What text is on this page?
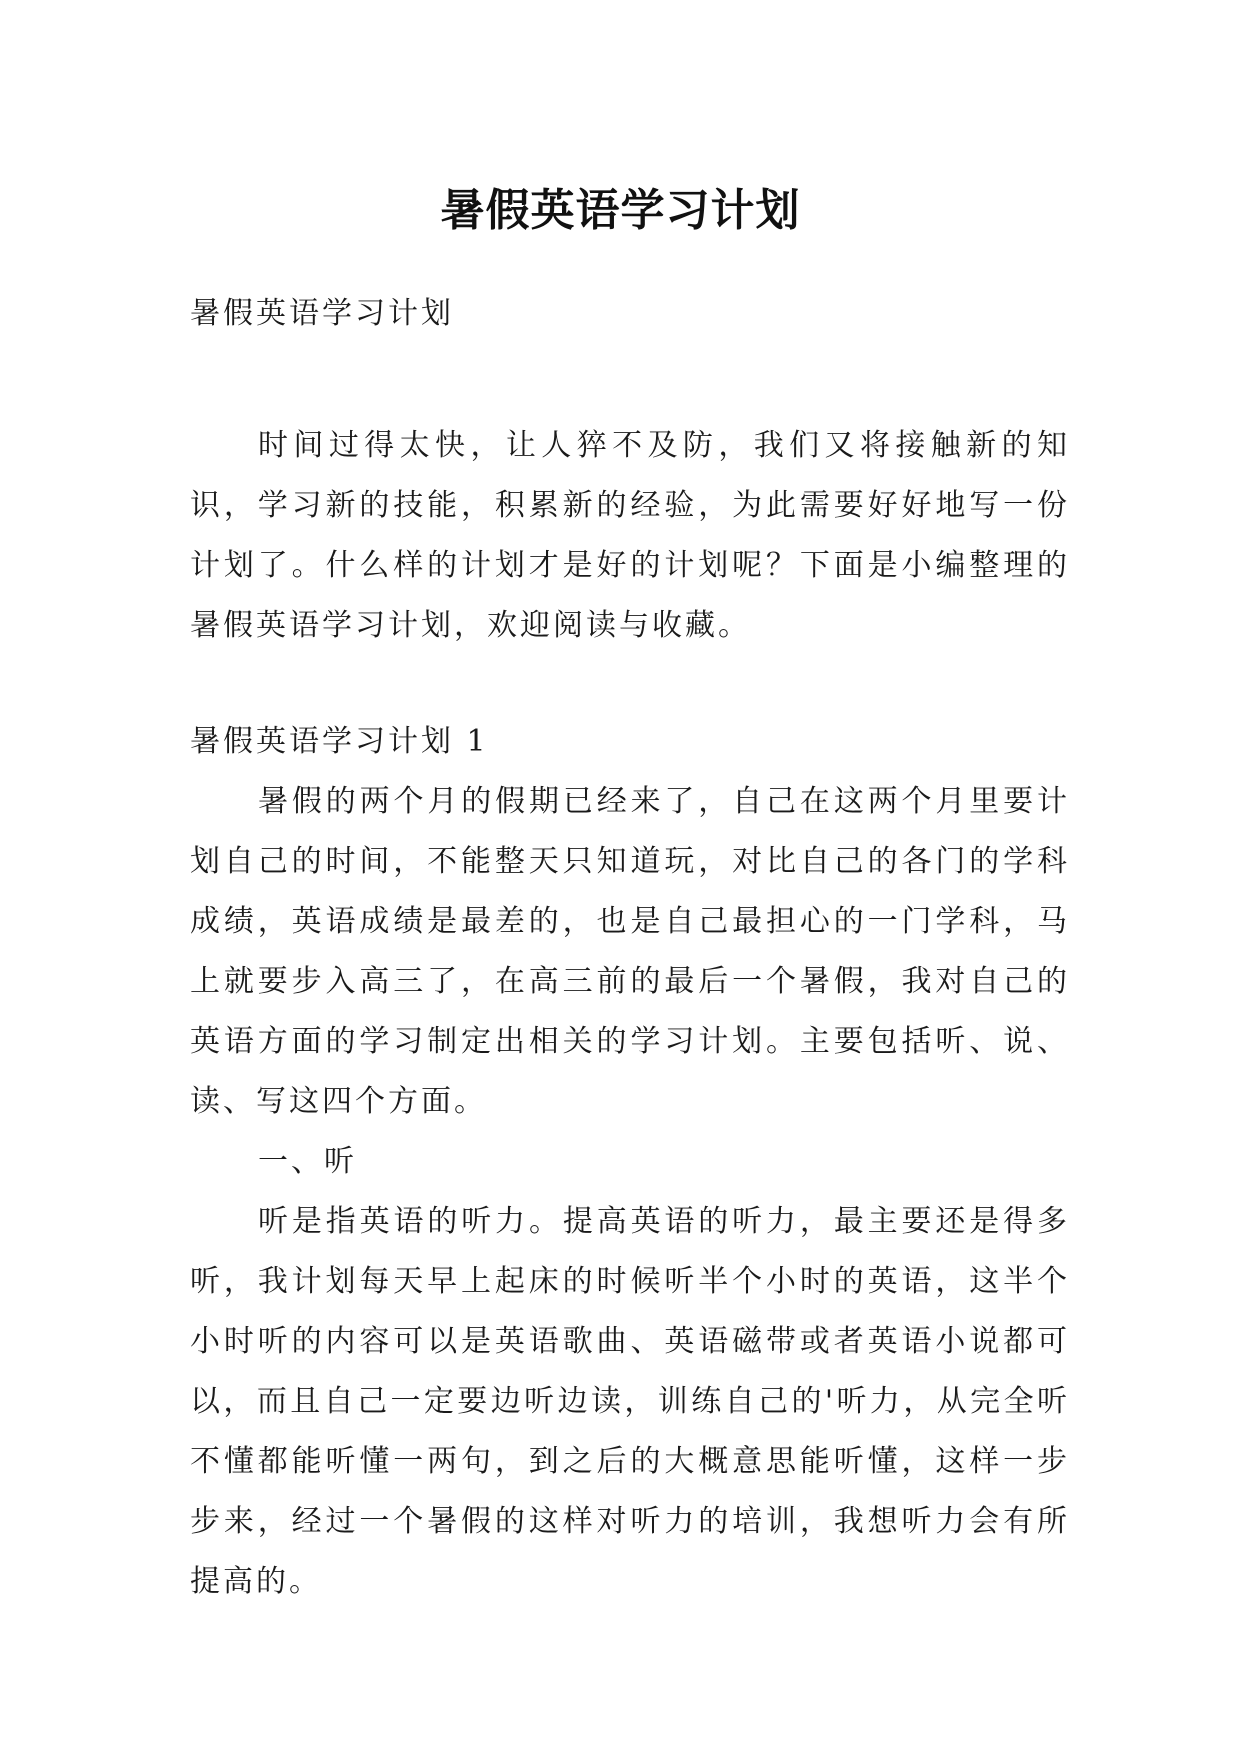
暑假英语学习计划

暑假英语学习计划

时间过得太快，让人猝不及防，我们又将接触新的知识，学习新的技能，积累新的经验，为此需要好好地写一份计划了。什么样的计划才是好的计划呢？下面是小编整理的暑假英语学习计划，欢迎阅读与收藏。

暑假英语学习计划 1

暑假的两个月的假期已经来了，自己在这两个月里要计划自己的时间，不能整天只知道玩，对比自己的各门的学科成绩，英语成绩是最差的，也是自己最担心的一门学科，马上就要步入高三了，在高三前的最后一个暑假，我对自己的英语方面的学习制定出相关的学习计划。主要包括听、说、读、写这四个方面。

一、听

听是指英语的听力。提高英语的听力，最主要还是得多听，我计划每天早上起床的时候听半个小时的英语，这半个小时听的内容可以是英语歌曲、英语磁带或者英语小说都可以，而且自己一定要边听边读，训练自己的'听力，从完全听不懂都能听懂一两句，到之后的大概意思能听懂，这样一步步来，经过一个暑假的这样对听力的培训，我想听力会有所提高的。
